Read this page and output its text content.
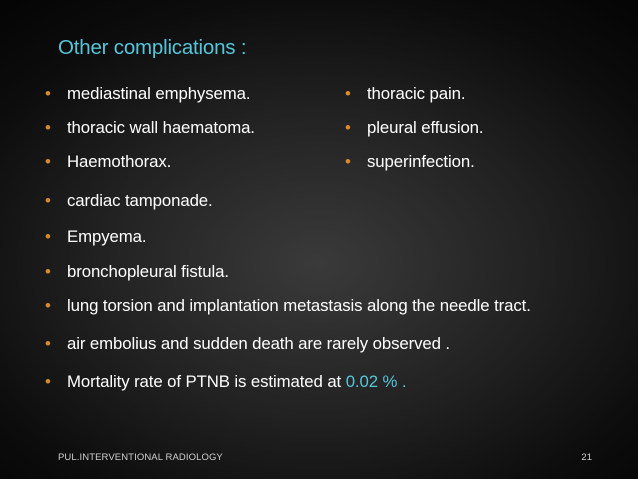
Other complications :
• mediastinal emphysema.
• thoracic wall haematoma.
• Haemothorax.
• cardiac tamponade.
• Empyema.
• bronchopleural fistula.
• lung torsion and implantation metastasis along the needle tract.
• air embolius and sudden death are rarely observed .
• Mortality rate of PTNB is estimated at 0.02 % .
• thoracic pain.
• pleural effusion.
• superinfection.
PUL.INTERVENTIONAL RADIOLOGY	21
